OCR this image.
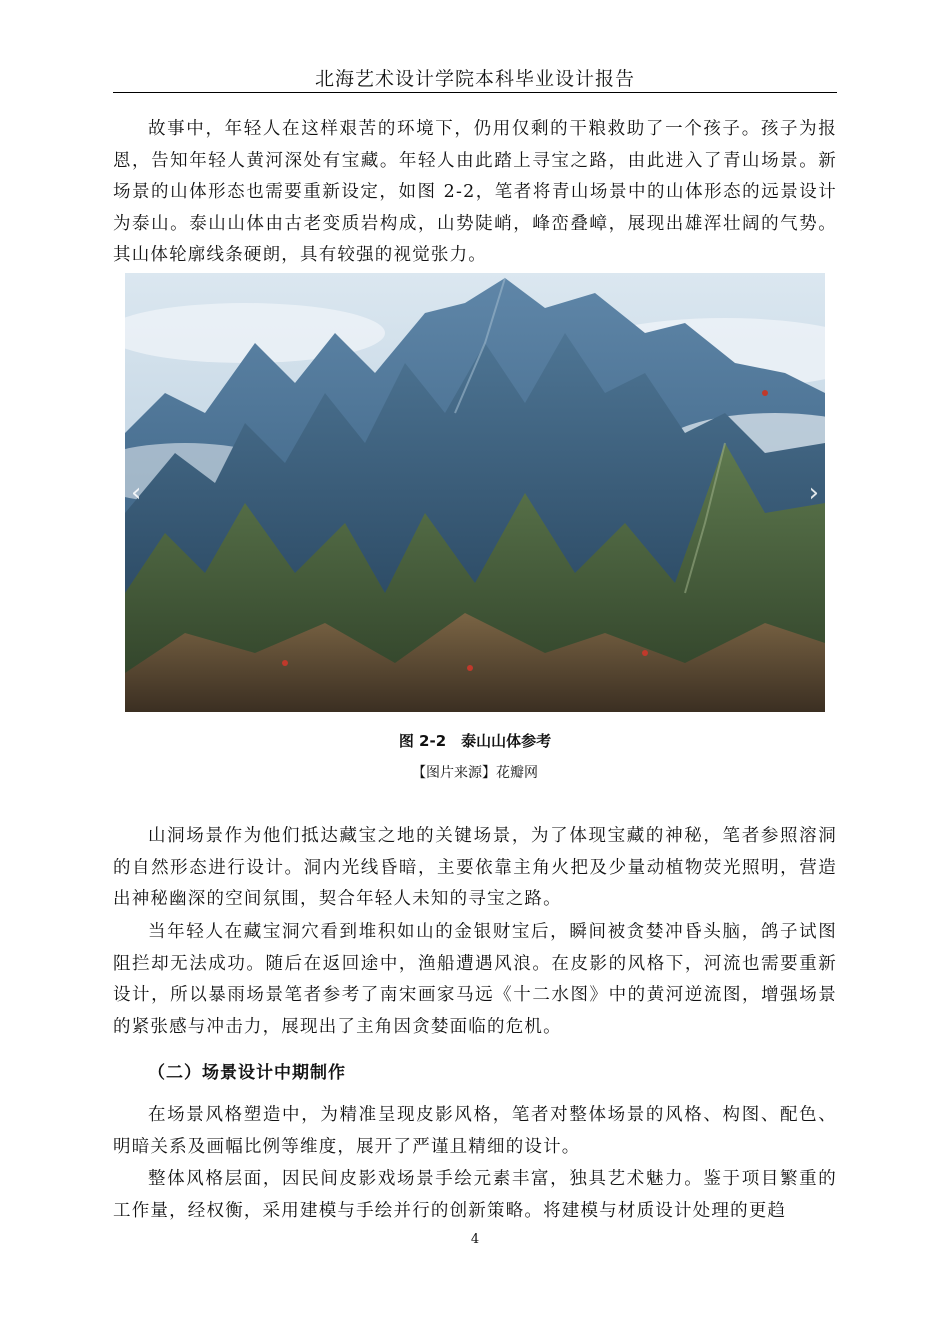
北海艺术设计学院本科毕业设计报告

故事中，年轻人在这样艰苦的环境下，仍用仅剩的干粮救助了一个孩子。孩子为报恩，告知年轻人黄河深处有宝藏。年轻人由此踏上寻宝之路，由此进入了青山场景。新场景的山体形态也需要重新设定，如图 2-2，笔者将青山场景中的山体形态的远景设计为泰山。泰山山体由古老变质岩构成，山势陡峭，峰峦叠嶂，展现出雄浑壮阔的气势。其山体轮廓线条硬朗，具有较强的视觉张力。

‹	›
图 2-2　泰山山体参考
【图片来源】花瓣网

山洞场景作为他们抵达藏宝之地的关键场景，为了体现宝藏的神秘，笔者参照溶洞的自然形态进行设计。洞内光线昏暗，主要依靠主角火把及少量动植物荧光照明，营造出神秘幽深的空间氛围，契合年轻人未知的寻宝之路。

当年轻人在藏宝洞穴看到堆积如山的金银财宝后，瞬间被贪婪冲昏头脑，鸽子试图阻拦却无法成功。随后在返回途中，渔船遭遇风浪。在皮影的风格下，河流也需要重新设计，所以暴雨场景笔者参考了南宋画家马远《十二水图》中的黄河逆流图，增强场景的紧张感与冲击力，展现出了主角因贪婪面临的危机。

（二）场景设计中期制作

在场景风格塑造中，为精准呈现皮影风格，笔者对整体场景的风格、构图、配色、明暗关系及画幅比例等维度，展开了严谨且精细的设计。

整体风格层面，因民间皮影戏场景手绘元素丰富，独具艺术魅力。鉴于项目繁重的工作量，经权衡，采用建模与手绘并行的创新策略。将建模与材质设计处理的更趋

4
